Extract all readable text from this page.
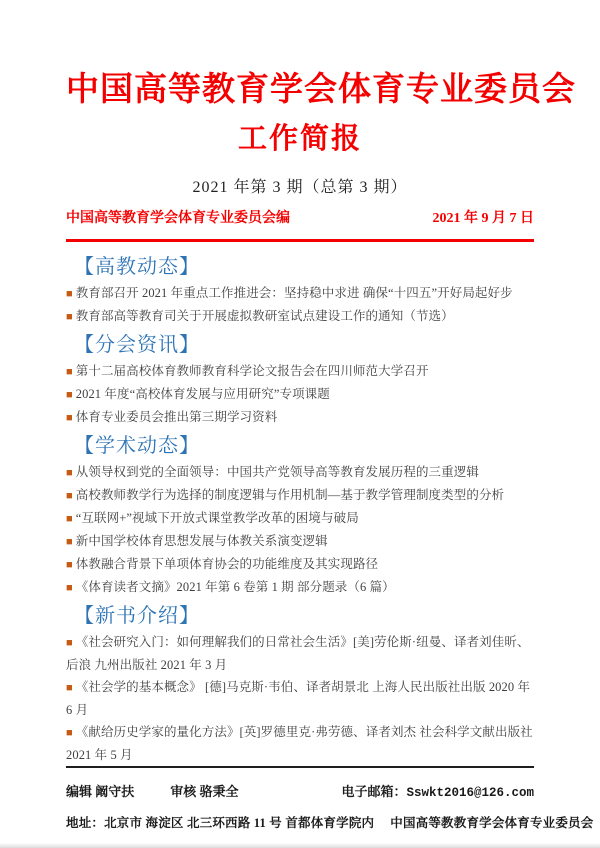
中国高等教育学会体育专业委员会
工作简报
2021 年第 3 期（总第 3 期）
中国高等教育学会体育专业委员会编	2021 年 9 月 7 日
【高教动态】
■ 教育部召开 2021 年重点工作推进会：坚持稳中求进 确保“十四五”开好局起好步
■ 教育部高等教育司关于开展虚拟教研室试点建设工作的通知（节选）
【分会资讯】
■ 第十二届高校体育教师教育科学论文报告会在四川师范大学召开
■ 2021 年度“高校体育发展与应用研究”专项课题
■ 体育专业委员会推出第三期学习资料
【学术动态】
■ 从领导权到党的全面领导：中国共产党领导高等教育发展历程的三重逻辑
■ 高校教师教学行为选择的制度逻辑与作用机制—基于教学管理制度类型的分析
■ “互联网+”视域下开放式课堂教学改革的困境与破局
■ 新中国学校体育思想发展与体教关系演变逻辑
■ 体教融合背景下单项体育协会的功能维度及其实现路径
■ 《体育读者文摘》2021 年第 6 卷第 1 期 部分题录（6 篇）
【新书介绍】
■ 《社会研究入门：如何理解我们的日常社会生活》[美]劳伦斯·纽曼、译者刘佳昕、后浪 九州出版社 2021 年 3 月
■ 《社会学的基本概念》 [德]马克斯·韦伯、译者胡景北 上海人民出版社出版 2020 年 6 月
■ 《献给历史学家的量化方法》[英]罗德里克·弗劳德、译者刘杰 社会科学文献出版社 2021 年 5 月
编辑 阚守扶	审核 骆秉全	电子邮箱：Sswkt2016@126.com
地址：北京市 海淀区 北三环西路 11 号 首都体育学院内　 中国高等教教育学会体育专业委员会
